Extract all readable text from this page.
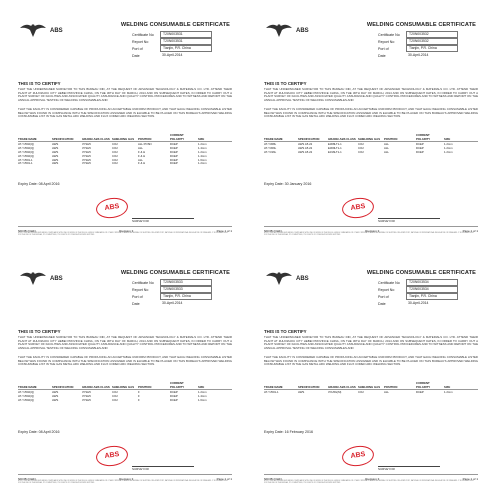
ABS
WELDING CONSUMABLE CERTIFICATE
Certificate No	T20N003531
Report No	T20N003531
Port of	Tianjin, P.R. China
Date	30-April-2014
THIS IS TO CERTIFY
THAT THE UNDERSIGNED SURVEYOR TO THIS BUREAU DID, AT THE REQUEST OF ADVANCED TECHNOLOGY & MATERIALS CO. LTD. ATTEND THEIR PLANT AT ZHUOZHOU CITY HEBEI PROVINCE CHINA, ON THE 30TH DAY OF MARCH, 2014 AND ON SUBSEQUENT DATES, IN ORDER TO CARRY OUT A PLANT SURVEY OF FACILITIES AND ASSOCIATED QUALITY ASSURANCE AND QUALITY CONTROL PROCEDURES AND TO WITNESS AND REPORT ON THE ANNUAL APPROVAL TESTING OF WELDING CONSUMABLES AND
THAT THE FACILITY IS CONSIDERED CAPABLE OF PRODUCING AN ACCEPTABLE UNIFORM PRODUCT, AND THAT EACH WELDING CONSUMABLE LISTED BELOW WAS FOUND IN COMPLIANCE WITH THE SPECIFICATION ASSIGNED AND IS ELIGIBLE TO BE PLACED ON THIS BUREAU'S APPROVED WELDING CONSUMABLE LIST IN THE GAS METAL ARC WELDING AND FLUX CORED ARC WELDING SECTION.
TRADE NAME	SPECIFICATION	GRADE/ ABS CLASS SHIELDING GAS	POSITION
CURRENT POLARITY	SIZE
AT-YJ502(Q)	AWS	3YSH5	CO2	ALL POSN	DCEP	1.2mm
AT-YJ502(Q)	AWS	3YSH5	CO2	ALL	DCEP	1.4mm
AT-YJ502(Q)	AWS	3YSH5	CO2	F & H	DCEP	1.2mm
AT-YJ502(Q)	AWS	3YSH5	CO2	F & H	DCEP	1.4mm
AT-YJ501-1	AWS	3YSH5	CO2	ALL	DCEP	1.6mm
AT-YJ501-1	AWS	3YSH5	CO2	F & H	DCEP	1.2mm
Expiry Date: 08 April 2016
ABS
SURVEYOR
NDOB (OHF)	Revision 3	Page 1 of 1
NOTE: THIS CERTIFICATE EVIDENCES COMPLIANCE WITH ONE OR MORE OF THE RULES, GUIDES, STANDARDS OR OTHER CRITERIA OF AMERICAN BUREAU OF SHIPPING OR A STATUTORY, NATIONAL OR INTERNATIONAL REGULATION OR STANDARD. IT IS ISSUED SOLELY FOR THE USE OF THE BUREAU, ITS COMMITTEES, ITS CLIENTS OR OTHER AUTHORIZED ENTITIES.
ABS
WELDING CONSUMABLE CERTIFICATE
Certificate No	T20N003532
Report No	T20N003532
Port of	Tianjin, P.R. China
Date	30-April-2014
THIS IS TO CERTIFY
THAT THE UNDERSIGNED SURVEYOR TO THIS BUREAU DID, AT THE REQUEST OF ADVANCED TECHNOLOGY & MATERIALS CO. LTD. ATTEND THEIR PLANT AT ZHUOZHOU CITY HEBEI PROVINCE CHINA, ON THE 30TH DAY OF MARCH, 2014 AND ON SUBSEQUENT DATES, IN ORDER TO CARRY OUT A PLANT SURVEY OF FACILITIES AND ASSOCIATED QUALITY ASSURANCE AND QUALITY CONTROL PROCEDURES AND TO WITNESS AND REPORT ON THE ANNUAL APPROVAL TESTING OF WELDING CONSUMABLES AND
THAT THE FACILITY IS CONSIDERED CAPABLE OF PRODUCING AN ACCEPTABLE UNIFORM PRODUCT, AND THAT EACH WELDING CONSUMABLE LISTED BELOW WAS FOUND IN COMPLIANCE WITH THE SPECIFICATION ASSIGNED AND IS ELIGIBLE TO BE PLACED ON THIS BUREAU'S APPROVED WELDING CONSUMABLE LIST IN THE GAS METAL ARC WELDING AND FLUX CORED ARC WELDING SECTION.
TRADE NAME	SPECIFICATION	GRADE/ ABS CLASS SHIELDING GAS	POSITION
CURRENT POLARITY	SIZE
AT-Y308L	AWS A5.22	E308LT1-1	CO2	ALL	DCEP	1.2mm
AT-Y309L	AWS A5.22	E309LT1-1	CO2	ALL	DCEP	1.2mm
AT-Y316L	AWS A5.22	E316LT1-1	CO2	ALL	DCEP	1.2mm
Expiry Date: 30 January 2016
ABS
SURVEYOR
NDOB (OHF)	Revision 3	Page 1 of 1
NOTE: THIS CERTIFICATE EVIDENCES COMPLIANCE WITH ONE OR MORE OF THE RULES, GUIDES, STANDARDS OR OTHER CRITERIA OF AMERICAN BUREAU OF SHIPPING OR A STATUTORY, NATIONAL OR INTERNATIONAL REGULATION OR STANDARD. IT IS ISSUED SOLELY FOR THE USE OF THE BUREAU, ITS COMMITTEES, ITS CLIENTS OR OTHER AUTHORIZED ENTITIES.
ABS
WELDING CONSUMABLE CERTIFICATE
Certificate No	T20N003533
Report No	T20N003533
Port of	Tianjin, P.R. China
Date	30-April-2014
THIS IS TO CERTIFY
THAT THE UNDERSIGNED SURVEYOR TO THIS BUREAU DID, AT THE REQUEST OF ADVANCED TECHNOLOGY & MATERIALS CO. LTD. ATTEND THEIR PLANT AT ZHUOZHOU CITY HEBEI PROVINCE CHINA, ON THE 30TH DAY OF MARCH, 2014 AND ON SUBSEQUENT DATES, IN ORDER TO CARRY OUT A PLANT SURVEY OF FACILITIES AND ASSOCIATED QUALITY ASSURANCE AND QUALITY CONTROL PROCEDURES AND TO WITNESS AND REPORT ON THE ANNUAL APPROVAL TESTING OF WELDING CONSUMABLES AND
THAT THE FACILITY IS CONSIDERED CAPABLE OF PRODUCING AN ACCEPTABLE UNIFORM PRODUCT, AND THAT EACH WELDING CONSUMABLE LISTED BELOW WAS FOUND IN COMPLIANCE WITH THE SPECIFICATION ASSIGNED AND IS ELIGIBLE TO BE PLACED ON THIS BUREAU'S APPROVED WELDING CONSUMABLE LIST IN THE GAS METAL ARC WELDING AND FLUX CORED ARC WELDING SECTION.
TRADE NAME	SPECIFICATION	GRADE/ ABS CLASS SHIELDING GAS	POSITION
CURRENT POLARITY	SIZE
AT-YJ502(Q)	AWS	3YSH5	CO2	F	DCEP	1.2mm
AT-YJ502(Q)	AWS	3YSH5	CO2	F	DCEP	1.4mm
AT-YJ502(Q)	AWS	3YSH5	CO2	F	DCEP	1.6mm
Expiry Date: 08 April 2016
ABS
SURVEYOR
NDOB (OHF)	Revision 3	Page 1 of 1
NOTE: THIS CERTIFICATE EVIDENCES COMPLIANCE WITH ONE OR MORE OF THE RULES, GUIDES, STANDARDS OR OTHER CRITERIA OF AMERICAN BUREAU OF SHIPPING OR A STATUTORY, NATIONAL OR INTERNATIONAL REGULATION OR STANDARD. IT IS ISSUED SOLELY FOR THE USE OF THE BUREAU, ITS COMMITTEES, ITS CLIENTS OR OTHER AUTHORIZED ENTITIES.
ABS
WELDING CONSUMABLE CERTIFICATE
Certificate No	T20N003534
Report No	T20N003534
Port of	Tianjin, P.R. China
Date	30-April-2014
THIS IS TO CERTIFY
THAT THE UNDERSIGNED SURVEYOR TO THIS BUREAU DID, AT THE REQUEST OF ADVANCED TECHNOLOGY & MATERIALS CO. LTD. ATTEND THEIR PLANT AT ZHUOZHOU CITY HEBEI PROVINCE CHINA, ON THE 30TH DAY OF MARCH, 2014 AND ON SUBSEQUENT DATES, IN ORDER TO CARRY OUT A PLANT SURVEY OF FACILITIES AND ASSOCIATED QUALITY ASSURANCE AND QUALITY CONTROL PROCEDURES AND TO WITNESS AND REPORT ON THE ANNUAL APPROVAL TESTING OF WELDING CONSUMABLES AND
THAT THE FACILITY IS CONSIDERED CAPABLE OF PRODUCING AN ACCEPTABLE UNIFORM PRODUCT, AND THAT EACH WELDING CONSUMABLE LISTED BELOW WAS FOUND IN COMPLIANCE WITH THE SPECIFICATION ASSIGNED AND IS ELIGIBLE TO BE PLACED ON THIS BUREAU'S APPROVED WELDING CONSUMABLE LIST IN THE GAS METAL ARC WELDING AND FLUX CORED ARC WELDING SECTION.
TRADE NAME	SPECIFICATION	GRADE/ ABS CLASS SHIELDING GAS	POSITION
CURRENT POLARITY	SIZE
AT-YJ501-1	AWS	3YH5G(M)	CO2	ALL	DCEP	1.2mm
Expiry Date: 16 February 2016
ABS
SURVEYOR
NDOB (OHF)	Revision 3	Page 1 of 1
NOTE: THIS CERTIFICATE EVIDENCES COMPLIANCE WITH ONE OR MORE OF THE RULES, GUIDES, STANDARDS OR OTHER CRITERIA OF AMERICAN BUREAU OF SHIPPING OR A STATUTORY, NATIONAL OR INTERNATIONAL REGULATION OR STANDARD. IT IS ISSUED SOLELY FOR THE USE OF THE BUREAU, ITS COMMITTEES, ITS CLIENTS OR OTHER AUTHORIZED ENTITIES.
